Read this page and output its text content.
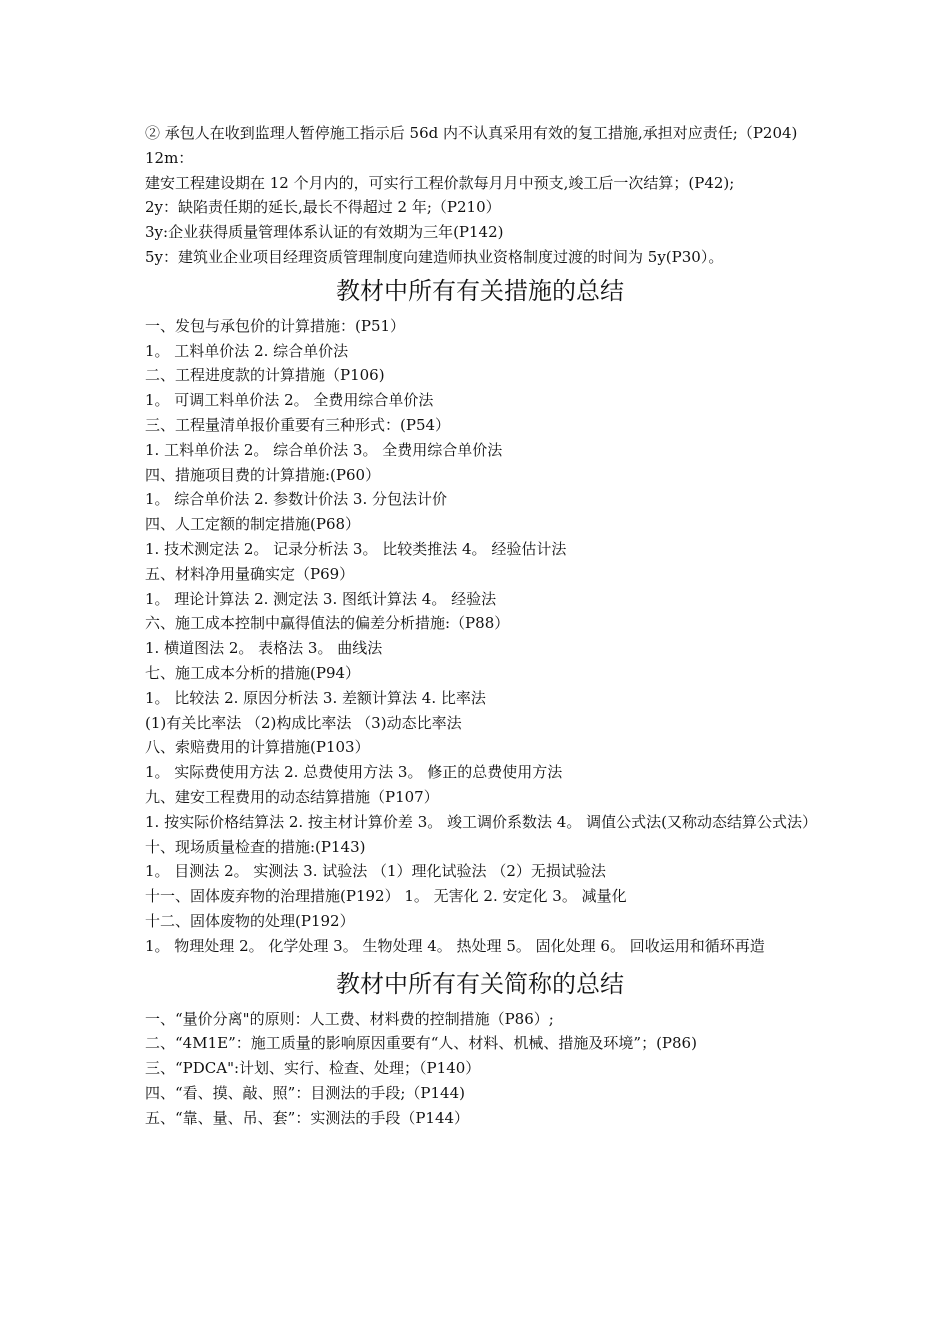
② 承包人在收到监理人暂停施工指示后 56d 内不认真采用有效的复工措施,承担对应责任;（P204)

12m：

建安工程建设期在 12 个月内的，可实行工程价款每月月中预支,竣工后一次结算；(P42);

2y：缺陷责任期的延长,最长不得超过 2 年;（P210）

3y:企业获得质量管理体系认证的有效期为三年(P142)

5y：建筑业企业项目经理资质管理制度向建造师执业资格制度过渡的时间为 5y(P30）。

教材中所有有关措施的总结

一、发包与承包价的计算措施：(P51）

1。 工料单价法 2. 综合单价法

二、工程进度款的计算措施（P106)

1。 可调工料单价法 2。 全费用综合单价法

三、工程量清单报价重要有三种形式：(P54）

1. 工料单价法 2。 综合单价法 3。 全费用综合单价法

四、措施项目费的计算措施:(P60）

1。 综合单价法 2. 参数计价法 3. 分包法计价

四、人工定额的制定措施(P68）

1. 技术测定法 2。 记录分析法 3。 比较类推法 4。 经验估计法

五、材料净用量确实定（P69）

1。 理论计算法 2. 测定法 3. 图纸计算法 4。 经验法

六、施工成本控制中赢得值法的偏差分析措施:（P88）

1. 横道图法 2。 表格法 3。 曲线法

七、施工成本分析的措施(P94）

1。 比较法 2. 原因分析法 3. 差额计算法 4. 比率法

(1)有关比率法 （2)构成比率法 （3)动态比率法

八、索赔费用的计算措施(P103）

1。 实际费使用方法 2. 总费使用方法 3。 修正的总费使用方法

九、建安工程费用的动态结算措施（P107）

1. 按实际价格结算法 2. 按主材计算价差 3。 竣工调价系数法 4。 调值公式法(又称动态结算公式法）

十、现场质量检查的措施:(P143)

1。 目测法 2。 实测法 3. 试验法 （1）理化试验法 （2）无损试验法

十一、固体废弃物的治理措施(P192） 1。 无害化 2. 安定化 3。 减量化

十二、固体废物的处理(P192）

1。 物理处理 2。 化学处理 3。 生物处理 4。 热处理 5。 固化处理 6。 回收运用和循环再造

教材中所有有关简称的总结

一、“量价分离"的原则：人工费、材料费的控制措施（P86）;

二、“4M1E”：施工质量的影响原因重要有“人、材料、机械、措施及环境”；(P86)

三、“PDCA":计划、实行、检查、处理；（P140）

四、“看、摸、敲、照”：目测法的手段;（P144)

五、“靠、量、吊、套”：实测法的手段（P144）
